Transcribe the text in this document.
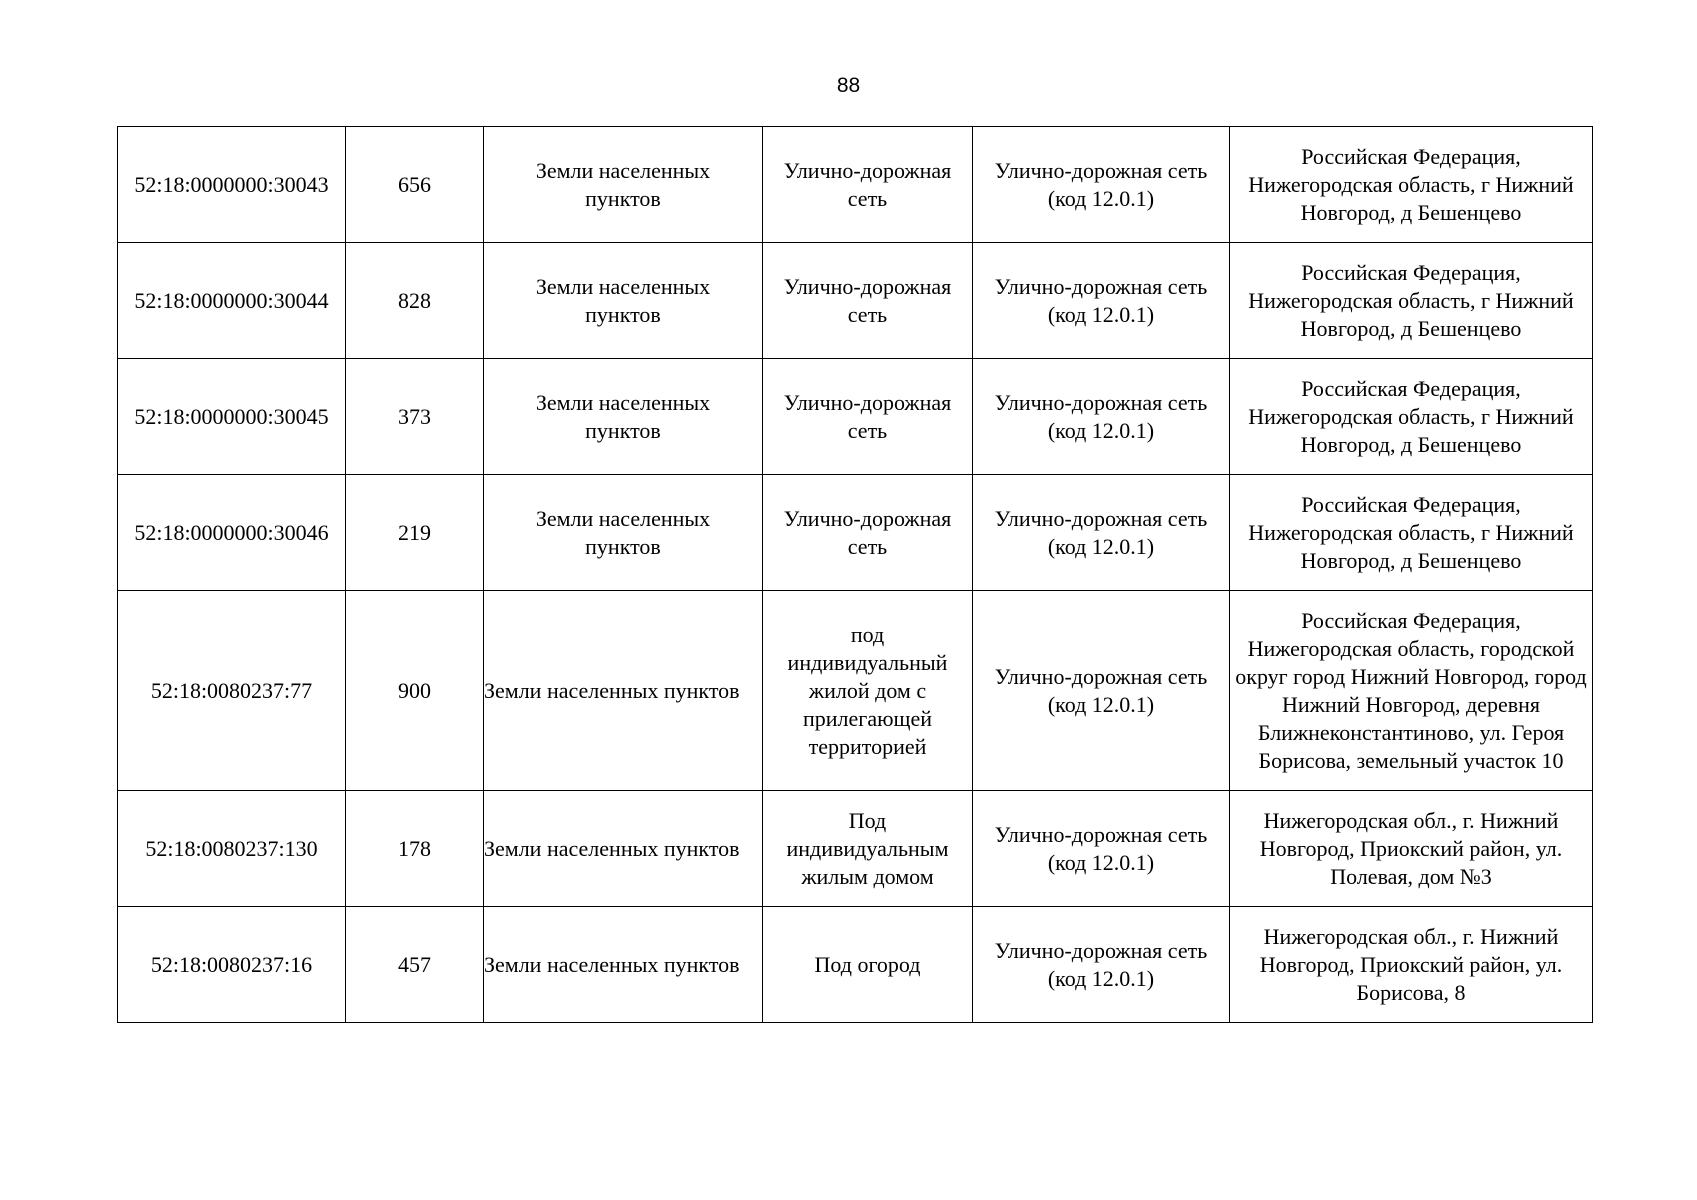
88
52:18:0000000:30043	656	Земли населенных пунктов	Улично-дорожная сеть	Улично-дорожная сеть (код 12.0.1)	Российская Федерация, Нижегородская область, г Нижний Новгород, д Бешенцево
52:18:0000000:30044	828	Земли населенных пунктов	Улично-дорожная сеть	Улично-дорожная сеть (код 12.0.1)	Российская Федерация, Нижегородская область, г Нижний Новгород, д Бешенцево
52:18:0000000:30045	373	Земли населенных пунктов	Улично-дорожная сеть	Улично-дорожная сеть (код 12.0.1)	Российская Федерация, Нижегородская область, г Нижний Новгород, д Бешенцево
52:18:0000000:30046	219	Земли населенных пунктов	Улично-дорожная сеть	Улично-дорожная сеть (код 12.0.1)	Российская Федерация, Нижегородская область, г Нижний Новгород, д Бешенцево
52:18:0080237:77	900	Земли населенных пунктов	под индивидуальный жилой дом с прилегающей территорией	Улично-дорожная сеть (код 12.0.1)	Российская Федерация, Нижегородская область, городской округ город Нижний Новгород, город Нижний Новгород, деревня Ближнеконстантиново, ул. Героя Борисова, земельный участок 10
52:18:0080237:130	178	Земли населенных пунктов	Под индивидуальным жилым домом	Улично-дорожная сеть (код 12.0.1)	Нижегородская обл., г. Нижний Новгород, Приокский район, ул. Полевая, дом №3
52:18:0080237:16	457	Земли населенных пунктов	Под огород	Улично-дорожная сеть (код 12.0.1)	Нижегородская обл., г. Нижний Новгород, Приокский район, ул. Борисова, 8
